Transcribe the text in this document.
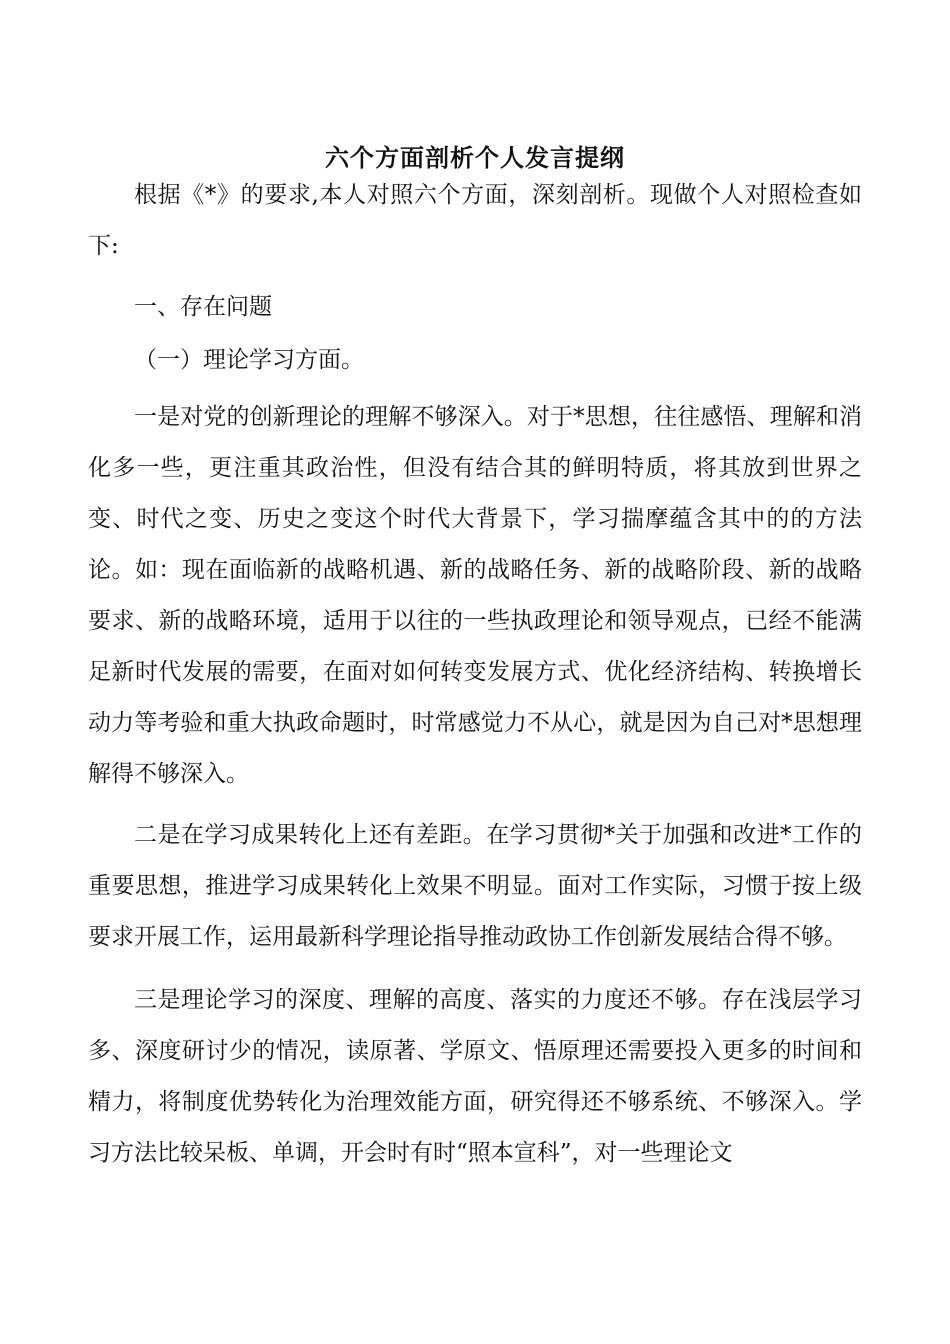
六个方面剖析个人发言提纲

根据《*》的要求,本人对照六个方面，深刻剖析。现做个人对照检查如下:

一、存在问题

（一）理论学习方面。

一是对党的创新理论的理解不够深入。对于*思想，往往感悟、理解和消化多一些，更注重其政治性，但没有结合其的鲜明特质，将其放到世界之变、时代之变、历史之变这个时代大背景下，学习揣摩蕴含其中的的方法论。如：现在面临新的战略机遇、新的战略任务、新的战略阶段、新的战略要求、新的战略环境，适用于以往的一些执政理论和领导观点，已经不能满足新时代发展的需要，在面对如何转变发展方式、优化经济结构、转换增长动力等考验和重大执政命题时，时常感觉力不从心，就是因为自己对*思想理解得不够深入。

二是在学习成果转化上还有差距。在学习贯彻*关于加强和改进*工作的重要思想，推进学习成果转化上效果不明显。面对工作实际，习惯于按上级要求开展工作，运用最新科学理论指导推动政协工作创新发展结合得不够。

三是理论学习的深度、理解的高度、落实的力度还不够。存在浅层学习多、深度研讨少的情况，读原著、学原文、悟原理还需要投入更多的时间和精力，将制度优势转化为治理效能方面，研究得还不够系统、不够深入。学习方法比较呆板、单调，开会时有时“照本宣科”，对一些理论文
